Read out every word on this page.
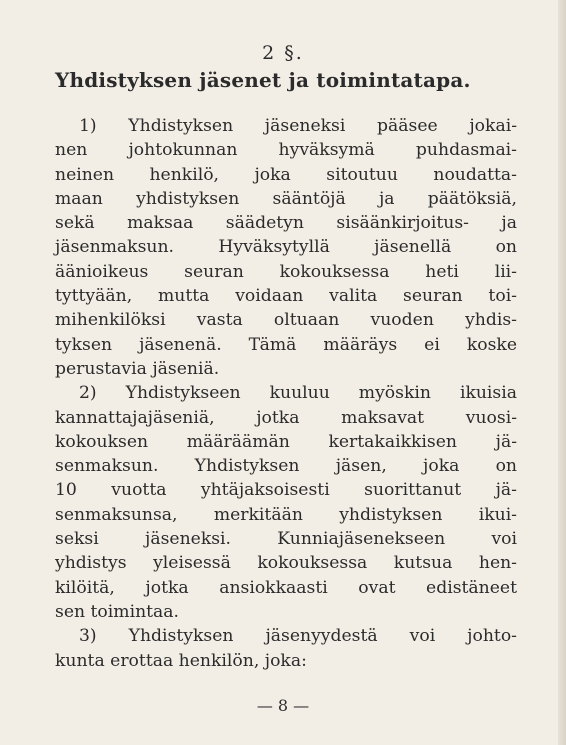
2 §.
Yhdistyksen jäsenet ja toimintatapa.
1) Yhdistyksen jäseneksi pääsee jokai-
nen johtokunnan hyväksymä puhdasmai-
neinen henkilö, joka sitoutuu noudatta-
maan yhdistyksen sääntöjä ja päätöksiä,
sekä maksaa säädetyn sisäänkirjoitus- ja
jäsenmaksun. Hyväksytyllä jäsenellä on
äänioikeus seuran kokouksessa heti lii-
tyttyään, mutta voidaan valita seuran toi-
mihenkilöksi vasta oltuaan vuoden yhdis-
tyksen jäsenenä. Tämä määräys ei koske
perustavia jäseniä.
2) Yhdistykseen kuuluu myöskin ikuisia
kannattajajäseniä, jotka maksavat vuosi-
kokouksen määräämän kertakaikkisen jä-
senmaksun. Yhdistyksen jäsen, joka on
10 vuotta yhtäjaksoisesti suorittanut jä-
senmaksunsa, merkitään yhdistyksen ikui-
seksi jäseneksi. Kunniajäsenekseen voi
yhdistys yleisessä kokouksessa kutsua hen-
kilöitä, jotka ansiokkaasti ovat edistäneet
sen toimintaa.
3) Yhdistyksen jäsenyydestä voi johto-
kunta erottaa henkilön, joka:
— 8 —
